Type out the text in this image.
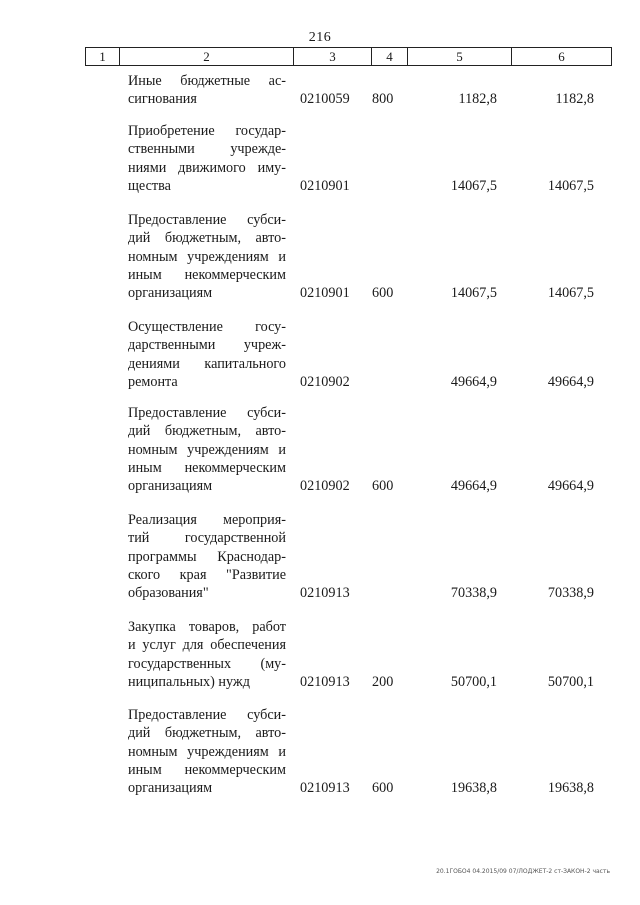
216
1	2	3	4	5	6
Иные бюджетные ас-
сигнования	0210059 800	1182,8	1182,8
Приобретение государ-
ственными учрежде-
ниями движимого иму-
щества	0210901	14067,5	14067,5
Предоставление субси-
дий бюджетным, авто-
номным учреждениям и
иным некоммерческим
организациям	0210901 600	14067,5	14067,5
Осуществление госу-
дарственными учреж-
дениями капитального
ремонта	0210902	49664,9	49664,9
Предоставление субси-
дий бюджетным, авто-
номным учреждениям и
иным некоммерческим
организациям	0210902 600	49664,9	49664,9
Реализация мероприя-
тий государственной
программы Краснодар-
ского края "Развитие
образования"	0210913	70338,9	70338,9
Закупка товаров, работ
и услуг для обеспечения
государственных (му-
ниципальных) нужд	0210913 200	50700,1	50700,1
Предоставление субси-
дий бюджетным, авто-
номным учреждениям и
иным некоммерческим
организациям	0210913 600	19638,8	19638,8
20.1ГОБО4 04.2015/09 07/ЛОДЖЕТ-2 ст-ЗАКОН-2 часть
